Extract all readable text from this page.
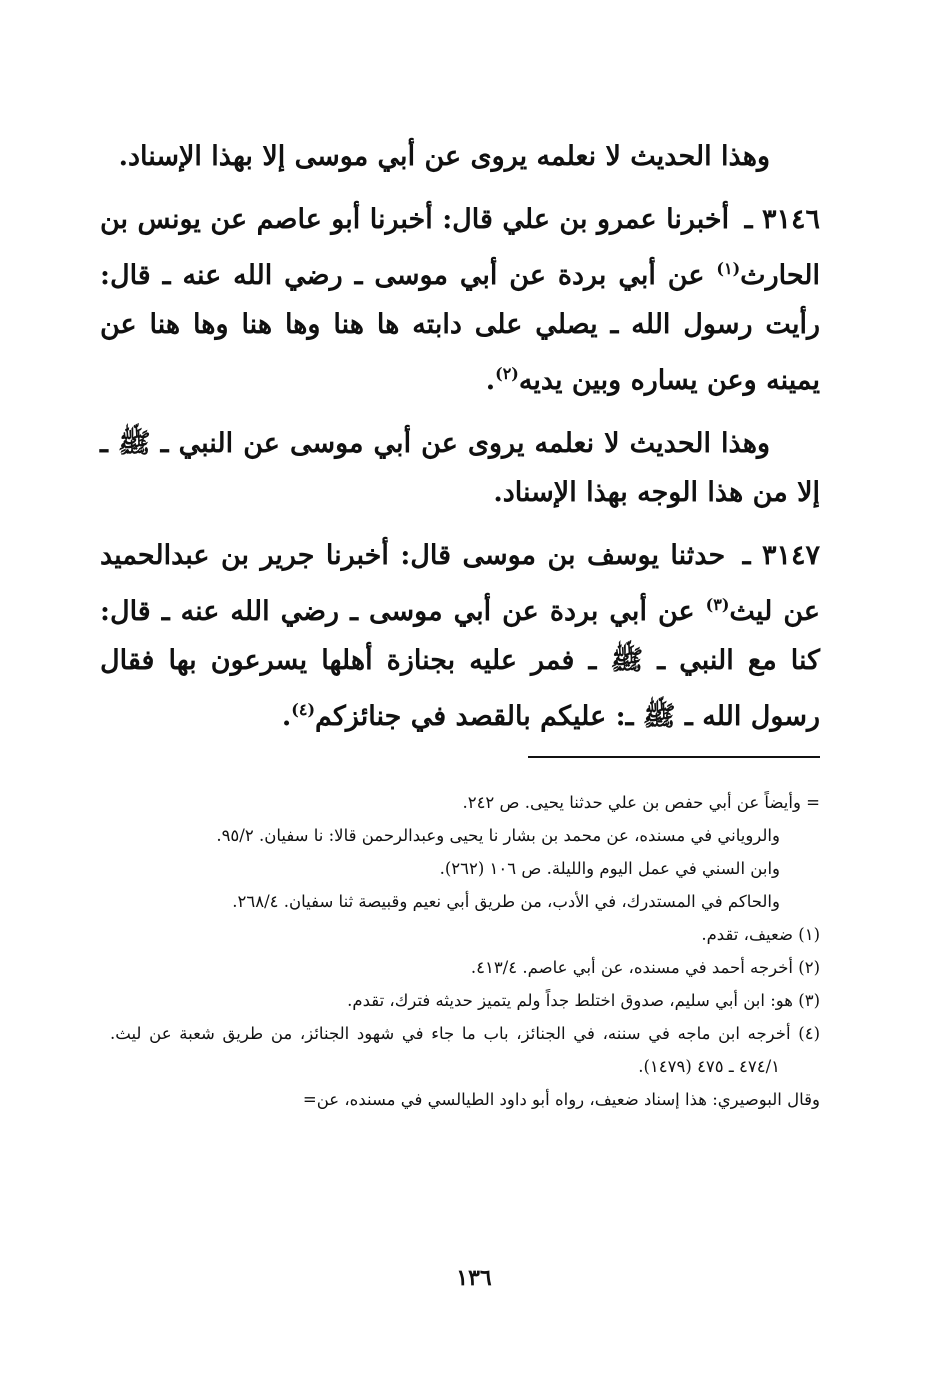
وهذا الحديث لا نعلمه يروى عن أبي موسى إلا بهذا الإسناد.

٣١٤٦ ـ أخبرنا عمرو بن علي قال: أخبرنا أبو عاصم عن يونس بن الحارث$^{(١)}$ عن أبي بردة عن أبي موسى ـ رضي الله عنه ـ قال: رأيت رسول الله ـ يصلي على دابته ها هنا وها هنا وها هنا عن يمينه وعن يساره وبين يديه$^{(٢)}$.

وهذا الحديث لا نعلمه يروى عن أبي موسى عن النبي ـ ﷺ ـ إلا من هذا الوجه بهذا الإسناد.

٣١٤٧ ـ حدثنا يوسف بن موسى قال: أخبرنا جرير بن عبدالحميد عن ليث$^{(٣)}$ عن أبي بردة عن أبي موسى ـ رضي الله عنه ـ قال: كنا مع النبي ـ ﷺ ـ فمر عليه بجنازة أهلها يسرعون بها فقال رسول الله ـ ﷺ ـ: عليكم بالقصد في جنائزكم$^{(٤)}$.

= وأيضاً عن أبي حفص بن علي حدثنا يحيى. ص ٢٤٢.

والروياني في مسنده، عن محمد بن بشار نا يحيى وعبدالرحمن قالا: نا سفيان. ٩٥/٢.

وابن السني في عمل اليوم والليلة. ص ١٠٦ (٢٦٢).

والحاكم في المستدرك، في الأدب، من طريق أبي نعيم وقبيصة ثنا سفيان. ٢٦٨/٤.

(١) ضعيف، تقدم.

(٢) أخرجه أحمد في مسنده، عن أبي عاصم. ٤١٣/٤.

(٣) هو: ابن أبي سليم، صدوق اختلط جداً ولم يتميز حديثه فترك، تقدم.

(٤) أخرجه ابن ماجه في سننه، في الجنائز، باب ما جاء في شهود الجنائز، من طريق شعبة عن ليث. ٤٧٤/١ ـ ٤٧٥ (١٤٧٩).

وقال البوصيري: هذا إسناد ضعيف، رواه أبو داود الطيالسي في مسنده، عن=

١٣٦
